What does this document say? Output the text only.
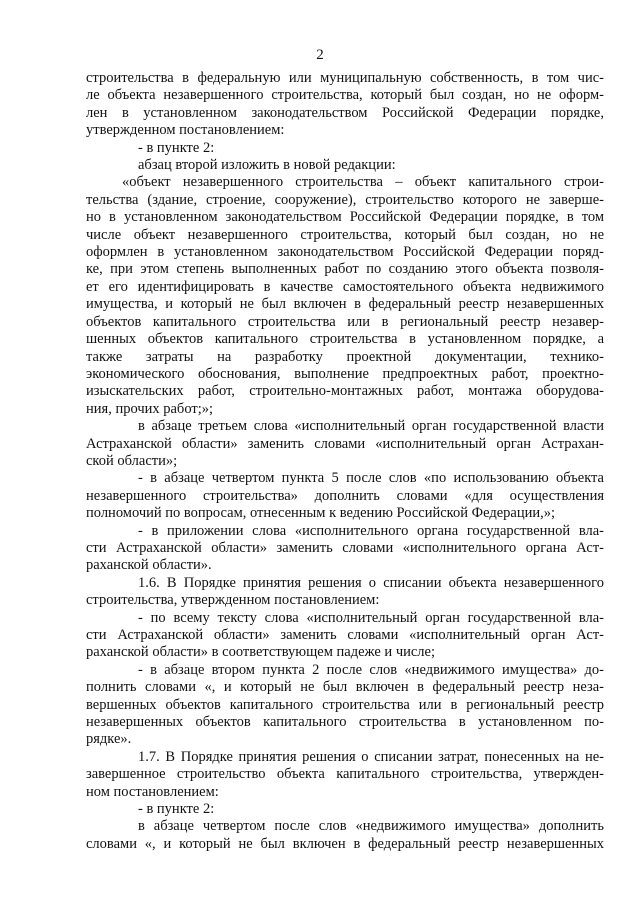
2

строительства в федеральную или муниципальную собственность, в том чис-

ле объекта незавершенного строительства, который был создан, но не оформ-

лен в установленном законодательством Российской Федерации порядке,

утвержденном постановлением:

- в пункте 2:

абзац второй изложить в новой редакции:

«объект незавершенного строительства – объект капитального строи-

тельства (здание, строение, сооружение), строительство которого не заверше-

но в установленном законодательством Российской Федерации порядке, в том

числе объект незавершенного строительства, который был создан, но не

оформлен в установленном законодательством Российской Федерации поряд-

ке, при этом степень выполненных работ по созданию этого объекта позволя-

ет его идентифицировать в качестве самостоятельного объекта недвижимого

имущества, и который не был включен в федеральный реестр незавершенных

объектов капитального строительства или в региональный реестр незавер-

шенных объектов капитального строительства в установленном порядке, а

также затраты на разработку проектной документации, технико-

экономического обоснования, выполнение предпроектных работ, проектно-

изыскательских работ, строительно-монтажных работ, монтажа оборудова-

ния, прочих работ;»;

в абзаце третьем слова «исполнительный орган государственной власти

Астраханской области» заменить словами «исполнительный орган Астрахан-

ской области»;

- в абзаце четвертом пункта 5 после слов «по использованию объекта

незавершенного строительства» дополнить словами «для осуществления

полномочий по вопросам, отнесенным к ведению Российской Федерации,»;

- в приложении слова «исполнительного органа государственной вла-

сти Астраханской области» заменить словами «исполнительного органа Аст-

раханской области».

1.6. В Порядке принятия решения о списании объекта незавершенного

строительства, утвержденном постановлением:

- по всему тексту слова «исполнительный орган государственной вла-

сти Астраханской области» заменить словами «исполнительный орган Аст-

раханской области» в соответствующем падеже и числе;

- в абзаце втором пункта 2 после слов «недвижимого имущества» до-

полнить словами «, и который не был включен в федеральный реестр неза-

вершенных объектов капитального строительства или в региональный реестр

незавершенных объектов капитального строительства в установленном по-

рядке».

1.7. В Порядке принятия решения о списании затрат, понесенных на не-

завершенное строительство объекта капитального строительства, утвержден-

ном постановлением:

- в пункте 2:

в абзаце четвертом после слов «недвижимого имущества» дополнить

словами «, и который не был включен в федеральный реестр незавершенных
